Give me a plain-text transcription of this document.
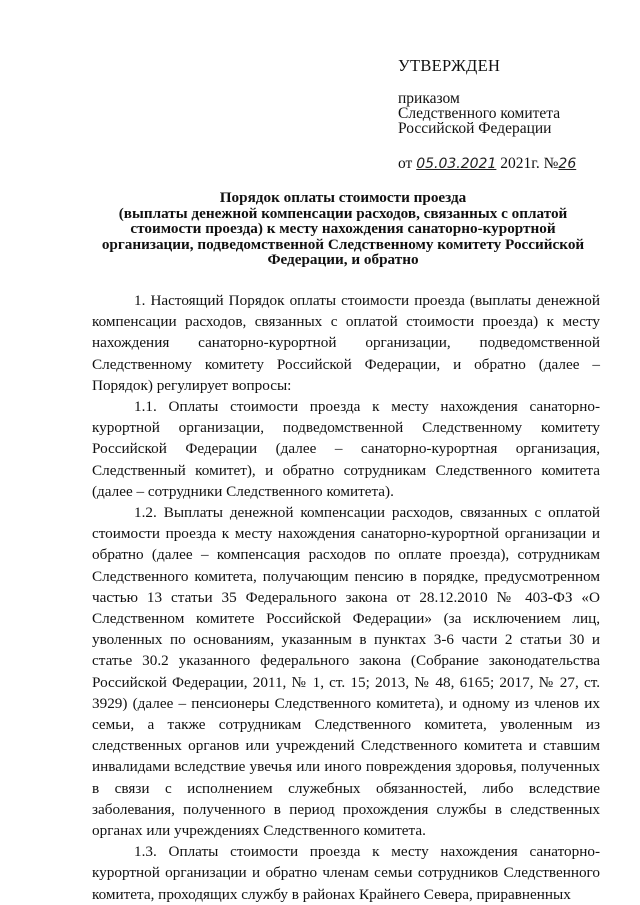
УТВЕРЖДЕН
приказом
Следственного комитета
Российской Федерации
от 05.03.2021 2021г. №26
Порядок оплаты стоимости проезда
(выплаты денежной компенсации расходов, связанных с оплатой
стоимости проезда) к месту нахождения санаторно-курортной
организации, подведомственной Следственному комитету Российской
Федерации, и обратно

1. Настоящий Порядок оплаты стоимости проезда (выплаты денежной компенсации расходов, связанных с оплатой стоимости проезда) к месту нахождения санаторно-курортной организации, подведомственной Следственному комитету Российской Федерации, и обратно (далее – Порядок) регулирует вопросы:

1.1. Оплаты стоимости проезда к месту нахождения санаторно-курортной организации, подведомственной Следственному комитету Российской Федерации (далее – санаторно-курортная организация, Следственный комитет), и обратно сотрудникам Следственного комитета (далее – сотрудники Следственного комитета).

1.2. Выплаты денежной компенсации расходов, связанных с оплатой стоимости проезда к месту нахождения санаторно-курортной организации и обратно (далее – компенсация расходов по оплате проезда), сотрудникам Следственного комитета, получающим пенсию в порядке, предусмотренном частью 13 статьи 35 Федерального закона от 28.12.2010 № 403-ФЗ «О Следственном комитете Российской Федерации» (за исключением лиц, уволенных по основаниям, указанным в пунктах 3-6 части 2 статьи 30 и статье 30.2 указанного федерального закона (Собрание законодательства Российской Федерации, 2011, № 1, ст. 15; 2013, № 48, 6165; 2017, № 27, ст. 3929) (далее – пенсионеры Следственного комитета), и одному из членов их семьи, а также сотрудникам Следственного комитета, уволенным из следственных органов или учреждений Следственного комитета и ставшим инвалидами вследствие увечья или иного повреждения здоровья, полученных в связи с исполнением служебных обязанностей, либо вследствие заболевания, полученного в период прохождения службы в следственных органах или учреждениях Следственного комитета.

1.3. Оплаты стоимости проезда к месту нахождения санаторно-курортной организации и обратно членам семьи сотрудников Следственного комитета, проходящих службу в районах Крайнего Севера, приравненных
